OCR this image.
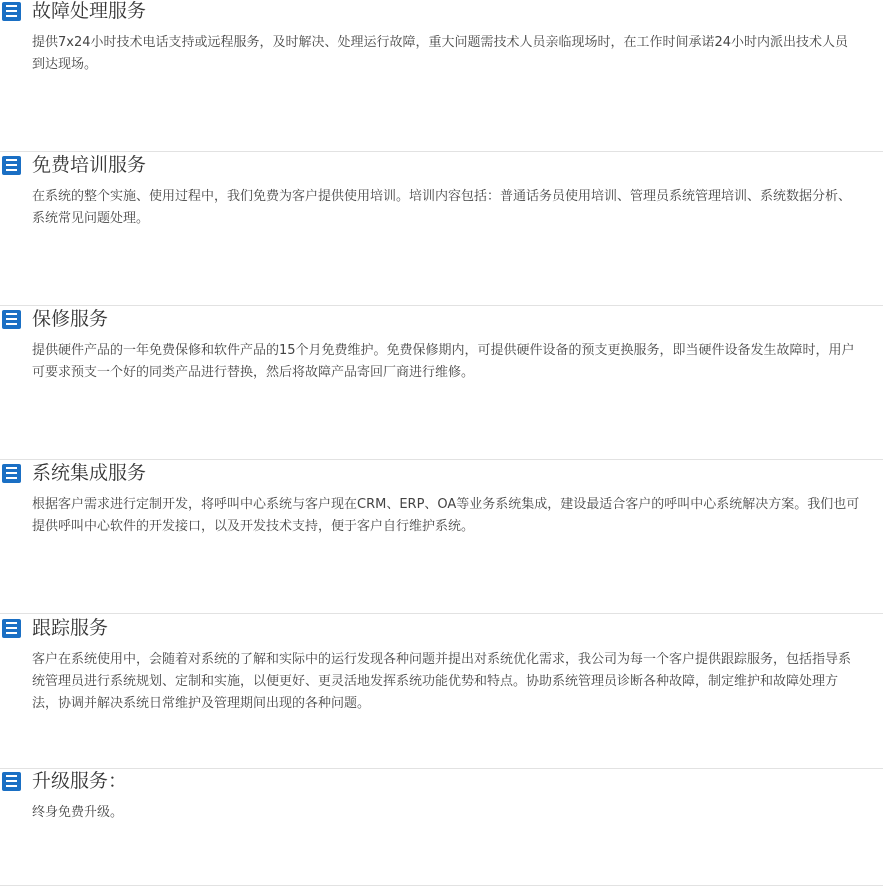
故障处理服务

提供7x24小时技术电话支持或远程服务，及时解决、处理运行故障，重大问题需技术人员亲临现场时，在工作时间承诺24小时内派出技术人员到达现场。

免费培训服务

在系统的整个实施、使用过程中，我们免费为客户提供使用培训。培训内容包括：普通话务员使用培训、管理员系统管理培训、系统数据分析、系统常见问题处理。

保修服务

提供硬件产品的一年免费保修和软件产品的15个月免费维护。免费保修期内，可提供硬件设备的预支更换服务，即当硬件设备发生故障时，用户可要求预支一个好的同类产品进行替换，然后将故障产品寄回厂商进行维修。

系统集成服务

根据客户需求进行定制开发，将呼叫中心系统与客户现在CRM、ERP、OA等业务系统集成，建设最适合客户的呼叫中心系统解决方案。我们也可提供呼叫中心软件的开发接口，以及开发技术支持，便于客户自行维护系统。

跟踪服务

客户在系统使用中，会随着对系统的了解和实际中的运行发现各种问题并提出对系统优化需求，我公司为每一个客户提供跟踪服务，包括指导系统管理员进行系统规划、定制和实施，以便更好、更灵活地发挥系统功能优势和特点。协助系统管理员诊断各种故障，制定维护和故障处理方法，协调并解决系统日常维护及管理期间出现的各种问题。

升级服务：

终身免费升级。
